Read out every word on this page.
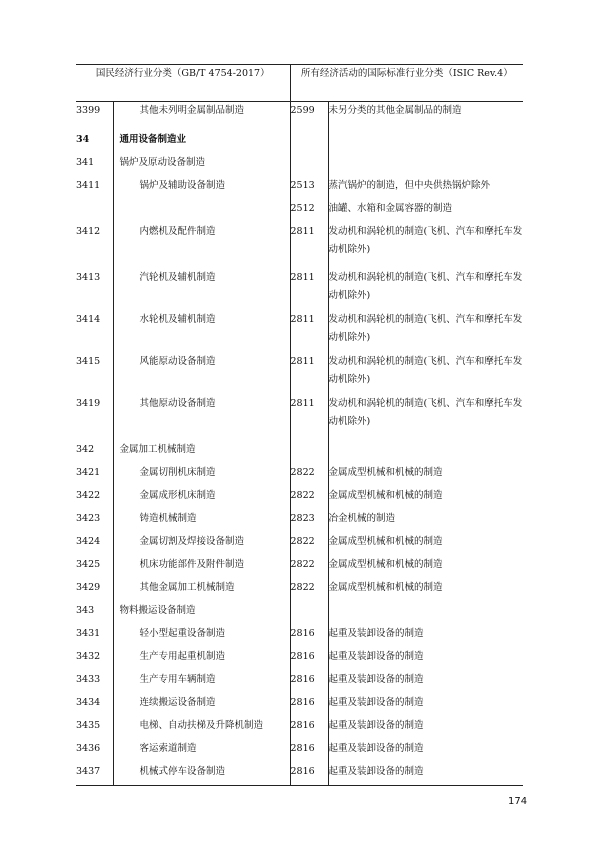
国民经济行业分类（GB/T 4754-2017）		所有经济活动的国际标准行业分类（ISIC Rev.4）	
3399	其他未列明金属制品制造	2599	未另分类的其他金属制品的制造
34	通用设备制造业		
341	锅炉及原动设备制造		
3411	锅炉及辅助设备制造	2513	蒸汽锅炉的制造，但中央供热锅炉除外
		2512	油罐、水箱和金属容器的制造
3412	内燃机及配件制造	2811	发动机和涡轮机的制造(飞机、汽车和摩托车发动机除外)
3413	汽轮机及辅机制造	2811	发动机和涡轮机的制造(飞机、汽车和摩托车发动机除外)
3414	水轮机及辅机制造	2811	发动机和涡轮机的制造(飞机、汽车和摩托车发动机除外)
3415	风能原动设备制造	2811	发动机和涡轮机的制造(飞机、汽车和摩托车发动机除外)
3419	其他原动设备制造	2811	发动机和涡轮机的制造(飞机、汽车和摩托车发动机除外)
342	金属加工机械制造		
3421	金属切削机床制造	2822	金属成型机械和机械的制造
3422	金属成形机床制造	2822	金属成型机械和机械的制造
3423	铸造机械制造	2823	冶金机械的制造
3424	金属切割及焊接设备制造	2822	金属成型机械和机械的制造
3425	机床功能部件及附件制造	2822	金属成型机械和机械的制造
3429	其他金属加工机械制造	2822	金属成型机械和机械的制造
343	物料搬运设备制造		
3431	轻小型起重设备制造	2816	起重及装卸设备的制造
3432	生产专用起重机制造	2816	起重及装卸设备的制造
3433	生产专用车辆制造	2816	起重及装卸设备的制造
3434	连续搬运设备制造	2816	起重及装卸设备的制造
3435	电梯、自动扶梯及升降机制造	2816	起重及装卸设备的制造
3436	客运索道制造	2816	起重及装卸设备的制造
3437	机械式停车设备制造	2816	起重及装卸设备的制造
174
